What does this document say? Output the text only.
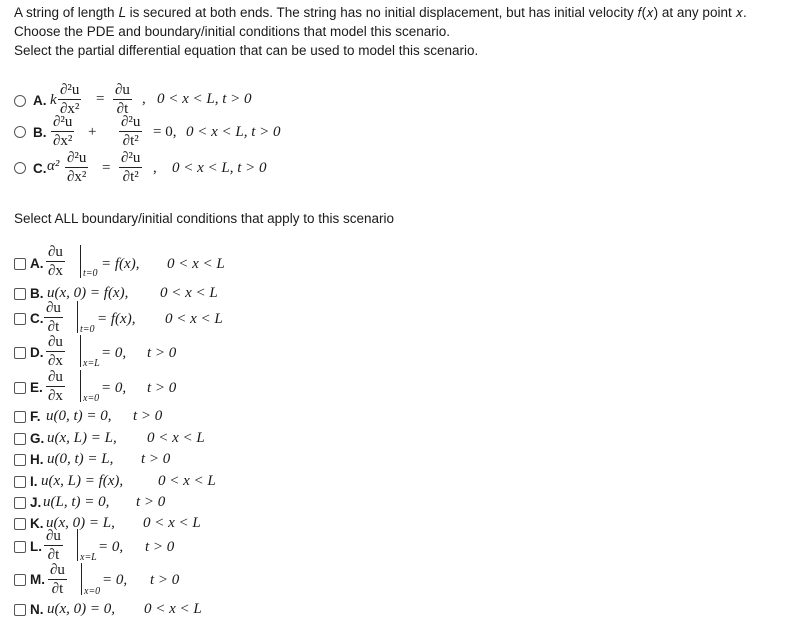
A string of length 𝐿 is secured at both ends. The string has no initial displacement, but has initial velocity 𝑓(𝑥) at any point 𝑥.
Choose the PDE and boundary/initial conditions that model this scenario.
Select the partial differential equation that can be used to model this scenario.
A. k
∂²u
∂x²
=
∂u
∂t
, 0 < x < L, t > 0
B.
∂²u
∂x²
+
∂²u
∂t²
= 0, 0 < x < L, t > 0
C. α² ∂²u
∂x²
=
∂²u
∂t²
, 0 < x < L, t > 0
Select ALL boundary/initial conditions that apply to this scenario
A.
∂u
∂x t=0
= f(x), 0 < x < L
B. u(x, 0) = f(x), 0 < x < L
C.
∂u
∂t t=0
= f(x), 0 < x < L
D.
∂u
∂x x=L
= 0, t > 0
E.
∂u
∂x x=0
= 0, t > 0
F. u(0, t) = 0, t > 0
G. u(x, L) = L, 0 < x < L
H. u(0, t) = L, t > 0
I. u(x, L) = f(x), 0 < x < L
J. u(L, t) = 0, t > 0
K. u(x, 0) = L, 0 < x < L
L.
∂u
∂t x=L
= 0, t > 0
M.
∂u
∂t x=0
= 0, t > 0
N. u(x, 0) = 0, 0 < x < L
